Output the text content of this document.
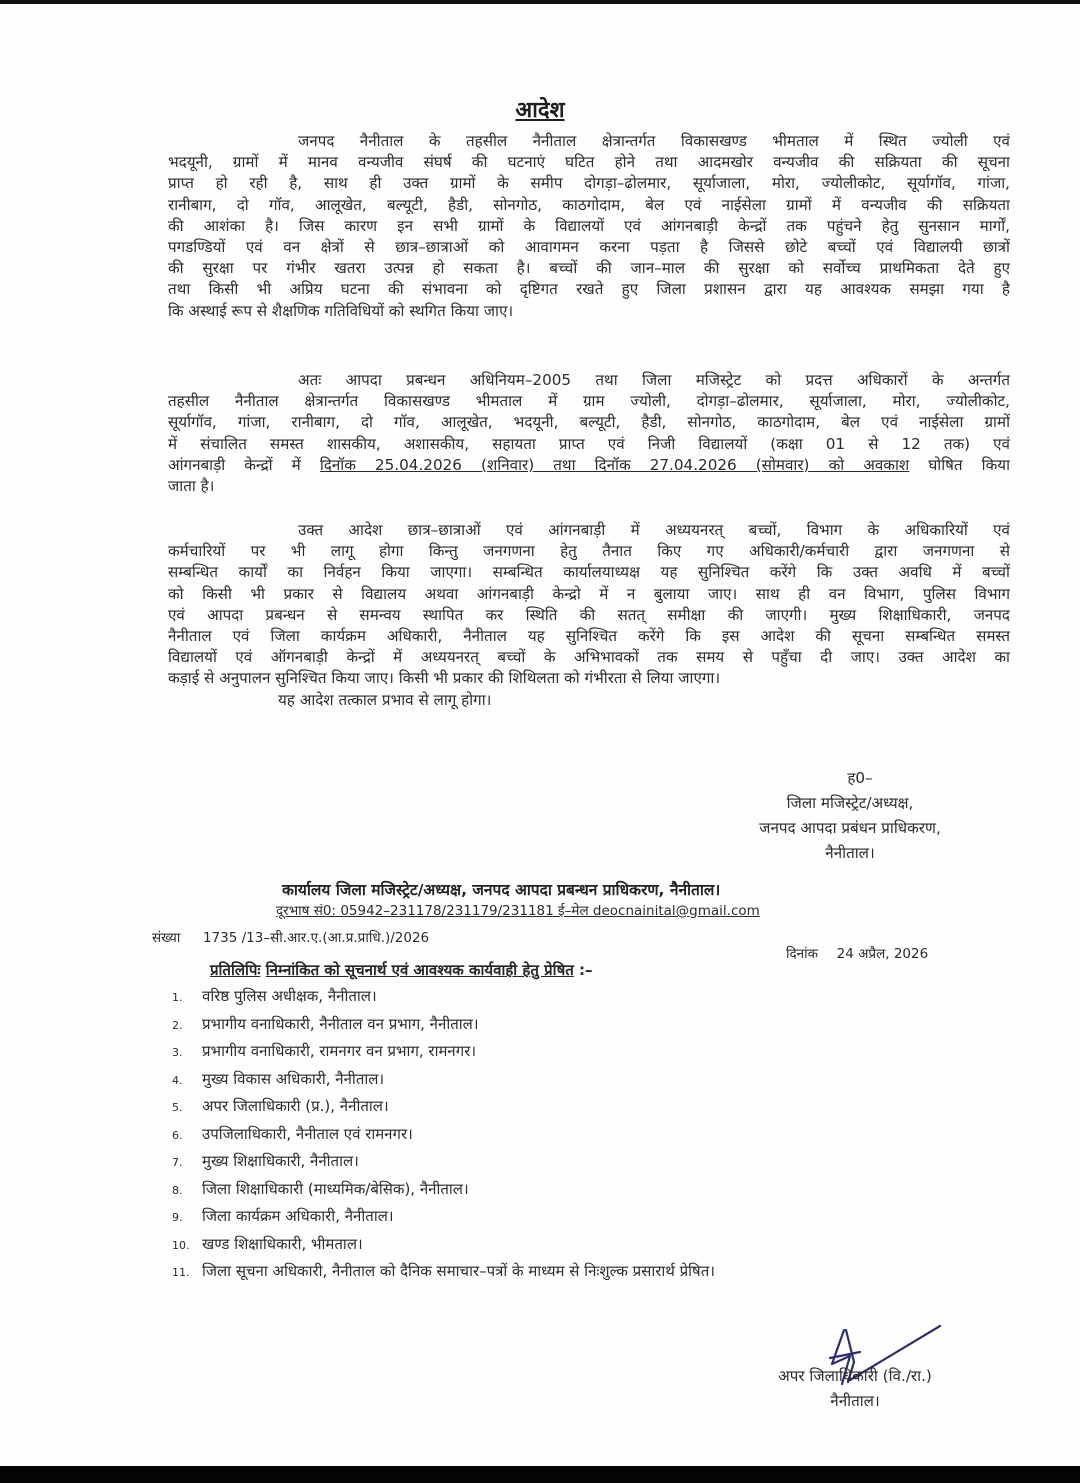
आदेश
जनपद नैनीताल के तहसील नैनीताल क्षेत्रान्तर्गत विकासखण्ड भीमताल में स्थित ज्योली एवं
भदयूनी, ग्रामों में मानव वन्यजीव संघर्ष की घटनाएं घटित होने तथा आदमखोर वन्यजीव की सक्रियता की सूचना
प्राप्त हो रही है, साथ ही उक्त ग्रामों के समीप दोगड़ा–ढोलमार, सूर्याजाला, मोरा, ज्योलीकोट, सूर्यागॉव, गांजा,
रानीबाग, दो गॉव, आलूखेत, बल्यूटी, हैडी, सोनगोठ, काठगोदाम, बेल एवं नाईसेला ग्रामों में वन्यजीव की सक्रियता
की आशंका है। जिस कारण इन सभी ग्रामों के विद्यालयों एवं आंगनबाड़ी केन्द्रों तक पहुंचने हेतु सुनसान मार्गों,
पगडण्डियों एवं वन क्षेत्रों से छात्र–छात्राओं को आवागमन करना पड़ता है जिससे छोटे बच्चों एवं विद्यालयी छात्रों
की सुरक्षा पर गंभीर खतरा उत्पन्न हो सकता है। बच्चों की जान–माल की सुरक्षा को सर्वोच्च प्राथमिकता देते हुए
तथा किसी भी अप्रिय घटना की संभावना को दृष्टिगत रखते हुए जिला प्रशासन द्वारा यह आवश्यक समझा गया है
कि अस्थाई रूप से शैक्षणिक गतिविधियों को स्थगित किया जाए।
अतः आपदा प्रबन्धन अधिनियम–2005 तथा जिला मजिस्ट्रेट को प्रदत्त अधिकारों के अन्तर्गत
तहसील नैनीताल क्षेत्रान्तर्गत विकासखण्ड भीमताल में ग्राम ज्योली, दोगड़ा–ढोलमार, सूर्याजाला, मोरा, ज्योलीकोट,
सूर्यागॉव, गांजा, रानीबाग, दो गॉव, आलूखेत, भदयूनी, बल्यूटी, हैडी, सोनगोठ, काठगोदाम, बेल एवं नाईसेला ग्रामों
में संचालित समस्त शासकीय, अशासकीय, सहायता प्राप्त एवं निजी विद्यालयों (कक्षा 01 से 12 तक) एवं
आंगनबाड़ी केन्द्रों में दिनॉक 25.04.2026 (शनिवार) तथा दिनॉक 27.04.2026 (सोमवार) को अवकाश घोषित किया
जाता है।
उक्त आदेश छात्र–छात्राओं एवं आंगनबाड़ी में अध्ययनरत् बच्चों, विभाग के अधिकारियों एवं
कर्मचारियों पर भी लागू होगा किन्तु जनगणना हेतु तैनात किए गए अधिकारी/कर्मचारी द्वारा जनगणना से
सम्बन्धित कार्यों का निर्वहन किया जाएगा। सम्बन्धित कार्यालयाध्यक्ष यह सुनिश्चित करेंगे कि उक्त अवधि में बच्चों
को किसी भी प्रकार से विद्यालय अथवा आंगनबाड़ी केन्द्रो में न बुलाया जाए। साथ ही वन विभाग, पुलिस विभाग
एवं आपदा प्रबन्धन से समन्वय स्थापित कर स्थिति की सतत् समीक्षा की जाएगी। मुख्य शिक्षाधिकारी, जनपद
नैनीताल एवं जिला कार्यक्रम अधिकारी, नैनीताल यह सुनिश्चित करेंगे कि इस आदेश की सूचना सम्बन्धित समस्त
विद्यालयों एवं ऑगनबाड़ी केन्द्रों में अध्ययनरत् बच्चों के अभिभावकों तक समय से पहुँचा दी जाए। उक्त आदेश का
कड़ाई से अनुपालन सुनिश्चित किया जाए। किसी भी प्रकार की शिथिलता को गंभीरता से लिया जाएगा।
यह आदेश तत्काल प्रभाव से लागू होगा।
ह0–
जिला मजिस्ट्रेट/अध्यक्ष,
जनपद आपदा प्रबंधन प्राधिकरण,
नैनीताल।
कार्यालय जिला मजिस्ट्रेट/अध्यक्ष, जनपद आपदा प्रबन्धन प्राधिकरण, नैनीताल।
दूरभाष सं0: 05942–231178/231179/231181 ई–मेल deocnainital@gmail.com
संख्या 1735 /13–सी.आर.ए.(आ.प्र.प्राधि.)/2026
दिनांक 24 अप्रैल, 2026
प्रतिलिपिः निम्नांकित को सूचनार्थ एवं आवश्यक कार्यवाही हेतु प्रेषित :–
1. वरिष्ठ पुलिस अधीक्षक, नैनीताल।
2. प्रभागीय वनाधिकारी, नैनीताल वन प्रभाग, नैनीताल।
3. प्रभागीय वनाधिकारी, रामनगर वन प्रभाग, रामनगर।
4. मुख्य विकास अधिकारी, नैनीताल।
5. अपर जिलाधिकारी (प्र.), नैनीताल।
6. उपजिलाधिकारी, नैनीताल एवं रामनगर।
7. मुख्य शिक्षाधिकारी, नैनीताल।
8. जिला शिक्षाधिकारी (माध्यमिक/बेसिक), नैनीताल।
9. जिला कार्यक्रम अधिकारी, नैनीताल।
10. खण्ड शिक्षाधिकारी, भीमताल।
11. जिला सूचना अधिकारी, नैनीताल को दैनिक समाचार–पत्रों के माध्यम से निःशुल्क प्रसारार्थ प्रेषित।
अपर जिलाधिकारी (वि./रा.)
नैनीताल।
